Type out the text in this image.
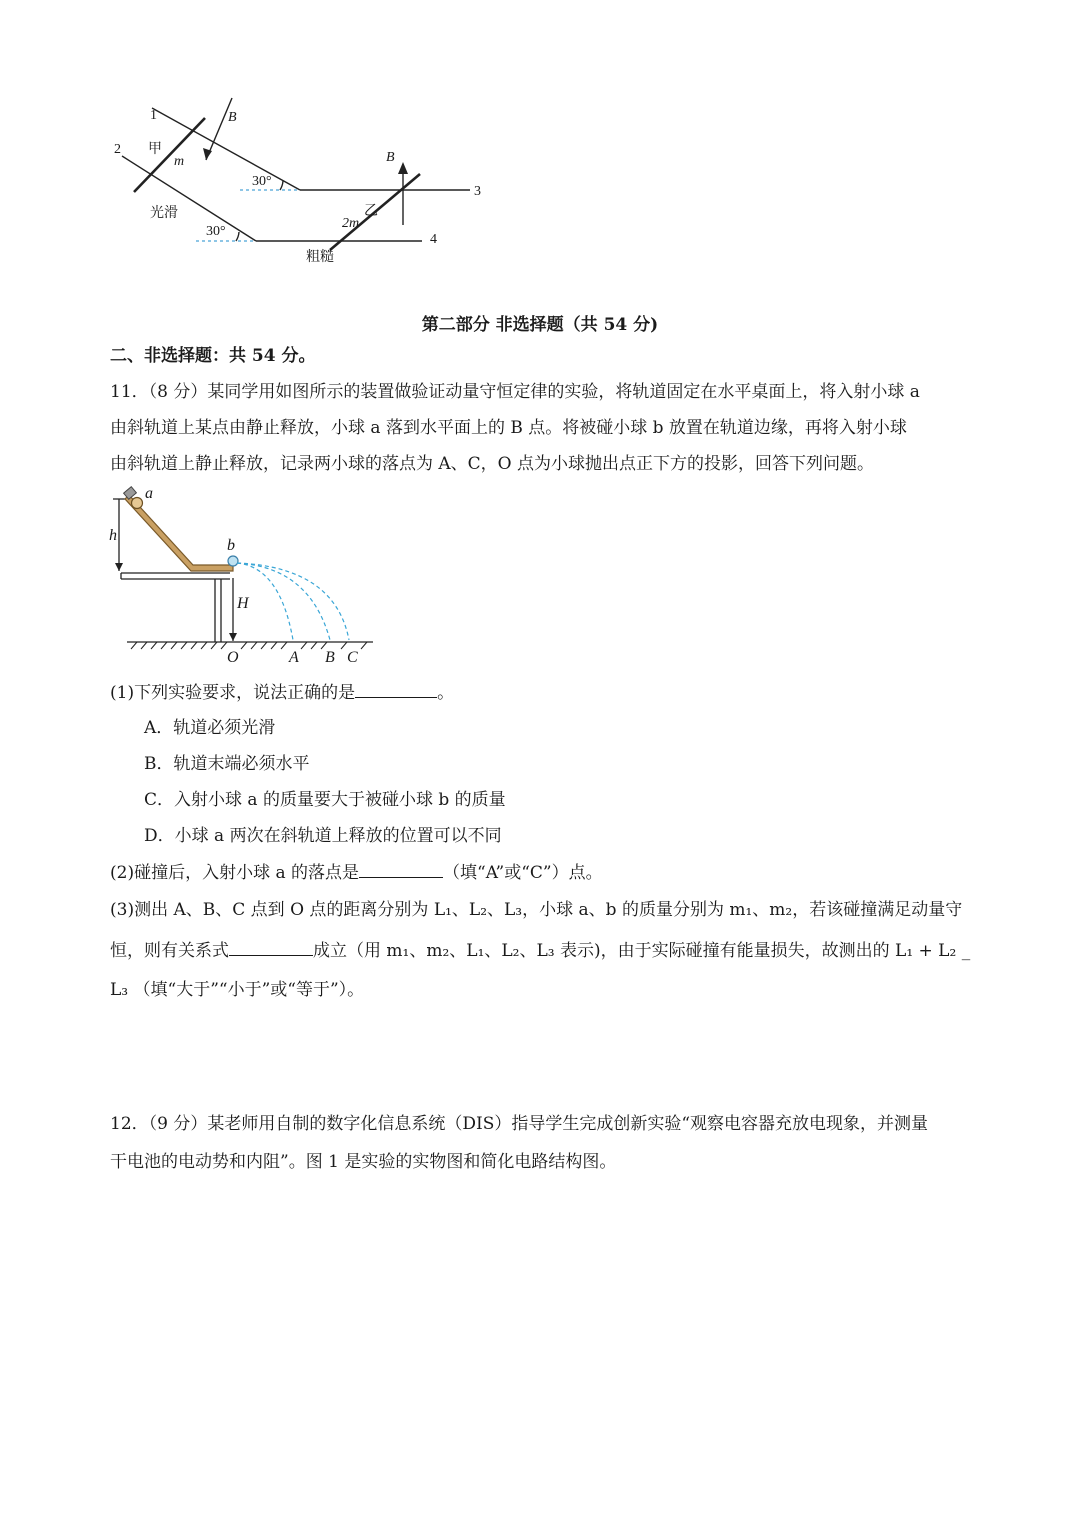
1
2
3
4
B
B
甲
m
乙
2m
光滑
粗糙
30°
30°
第二部分 非选择题（共 54 分)
二、非选择题：共 54 分。
11．（8 分）某同学用如图所示的装置做验证动量守恒定律的实验，将轨道固定在水平桌面上，将入射小球 a
由斜轨道上某点由静止释放，小球 a 落到水平面上的 B 点。将被碰小球 b 放置在轨道边缘，再将入射小球
由斜轨道上静止释放，记录两小球的落点为 A、C，O 点为小球抛出点正下方的投影，回答下列问题。
a
b
h
H
O	A B C
(1)下列实验要求，说法正确的是	。
A．轨道必须光滑
B．轨道末端必须水平
C．入射小球 a 的质量要大于被碰小球 b 的质量
D．小球 a 两次在斜轨道上释放的位置可以不同
(2)碰撞后，入射小球 a 的落点是	（填“A”或“C”）点。
(3)测出 A、B、C 点到 O 点的距离分别为 L₁、L₂、L₃，小球 a、b 的质量分别为 m₁、m₂，若该碰撞满足动量守
恒，则有关系式	成立（用 m₁、m₂、L₁、L₂、L₃ 表示)，由于实际碰撞有能量损失，故测出的 L₁ + L₂ _
L₃ （填“大于”“小于”或“等于”）。
12．（9 分）某老师用自制的数字化信息系统（DIS）指导学生完成创新实验“观察电容器充放电现象，并测量
干电池的电动势和内阻”。图 1 是实验的实物图和简化电路结构图。
